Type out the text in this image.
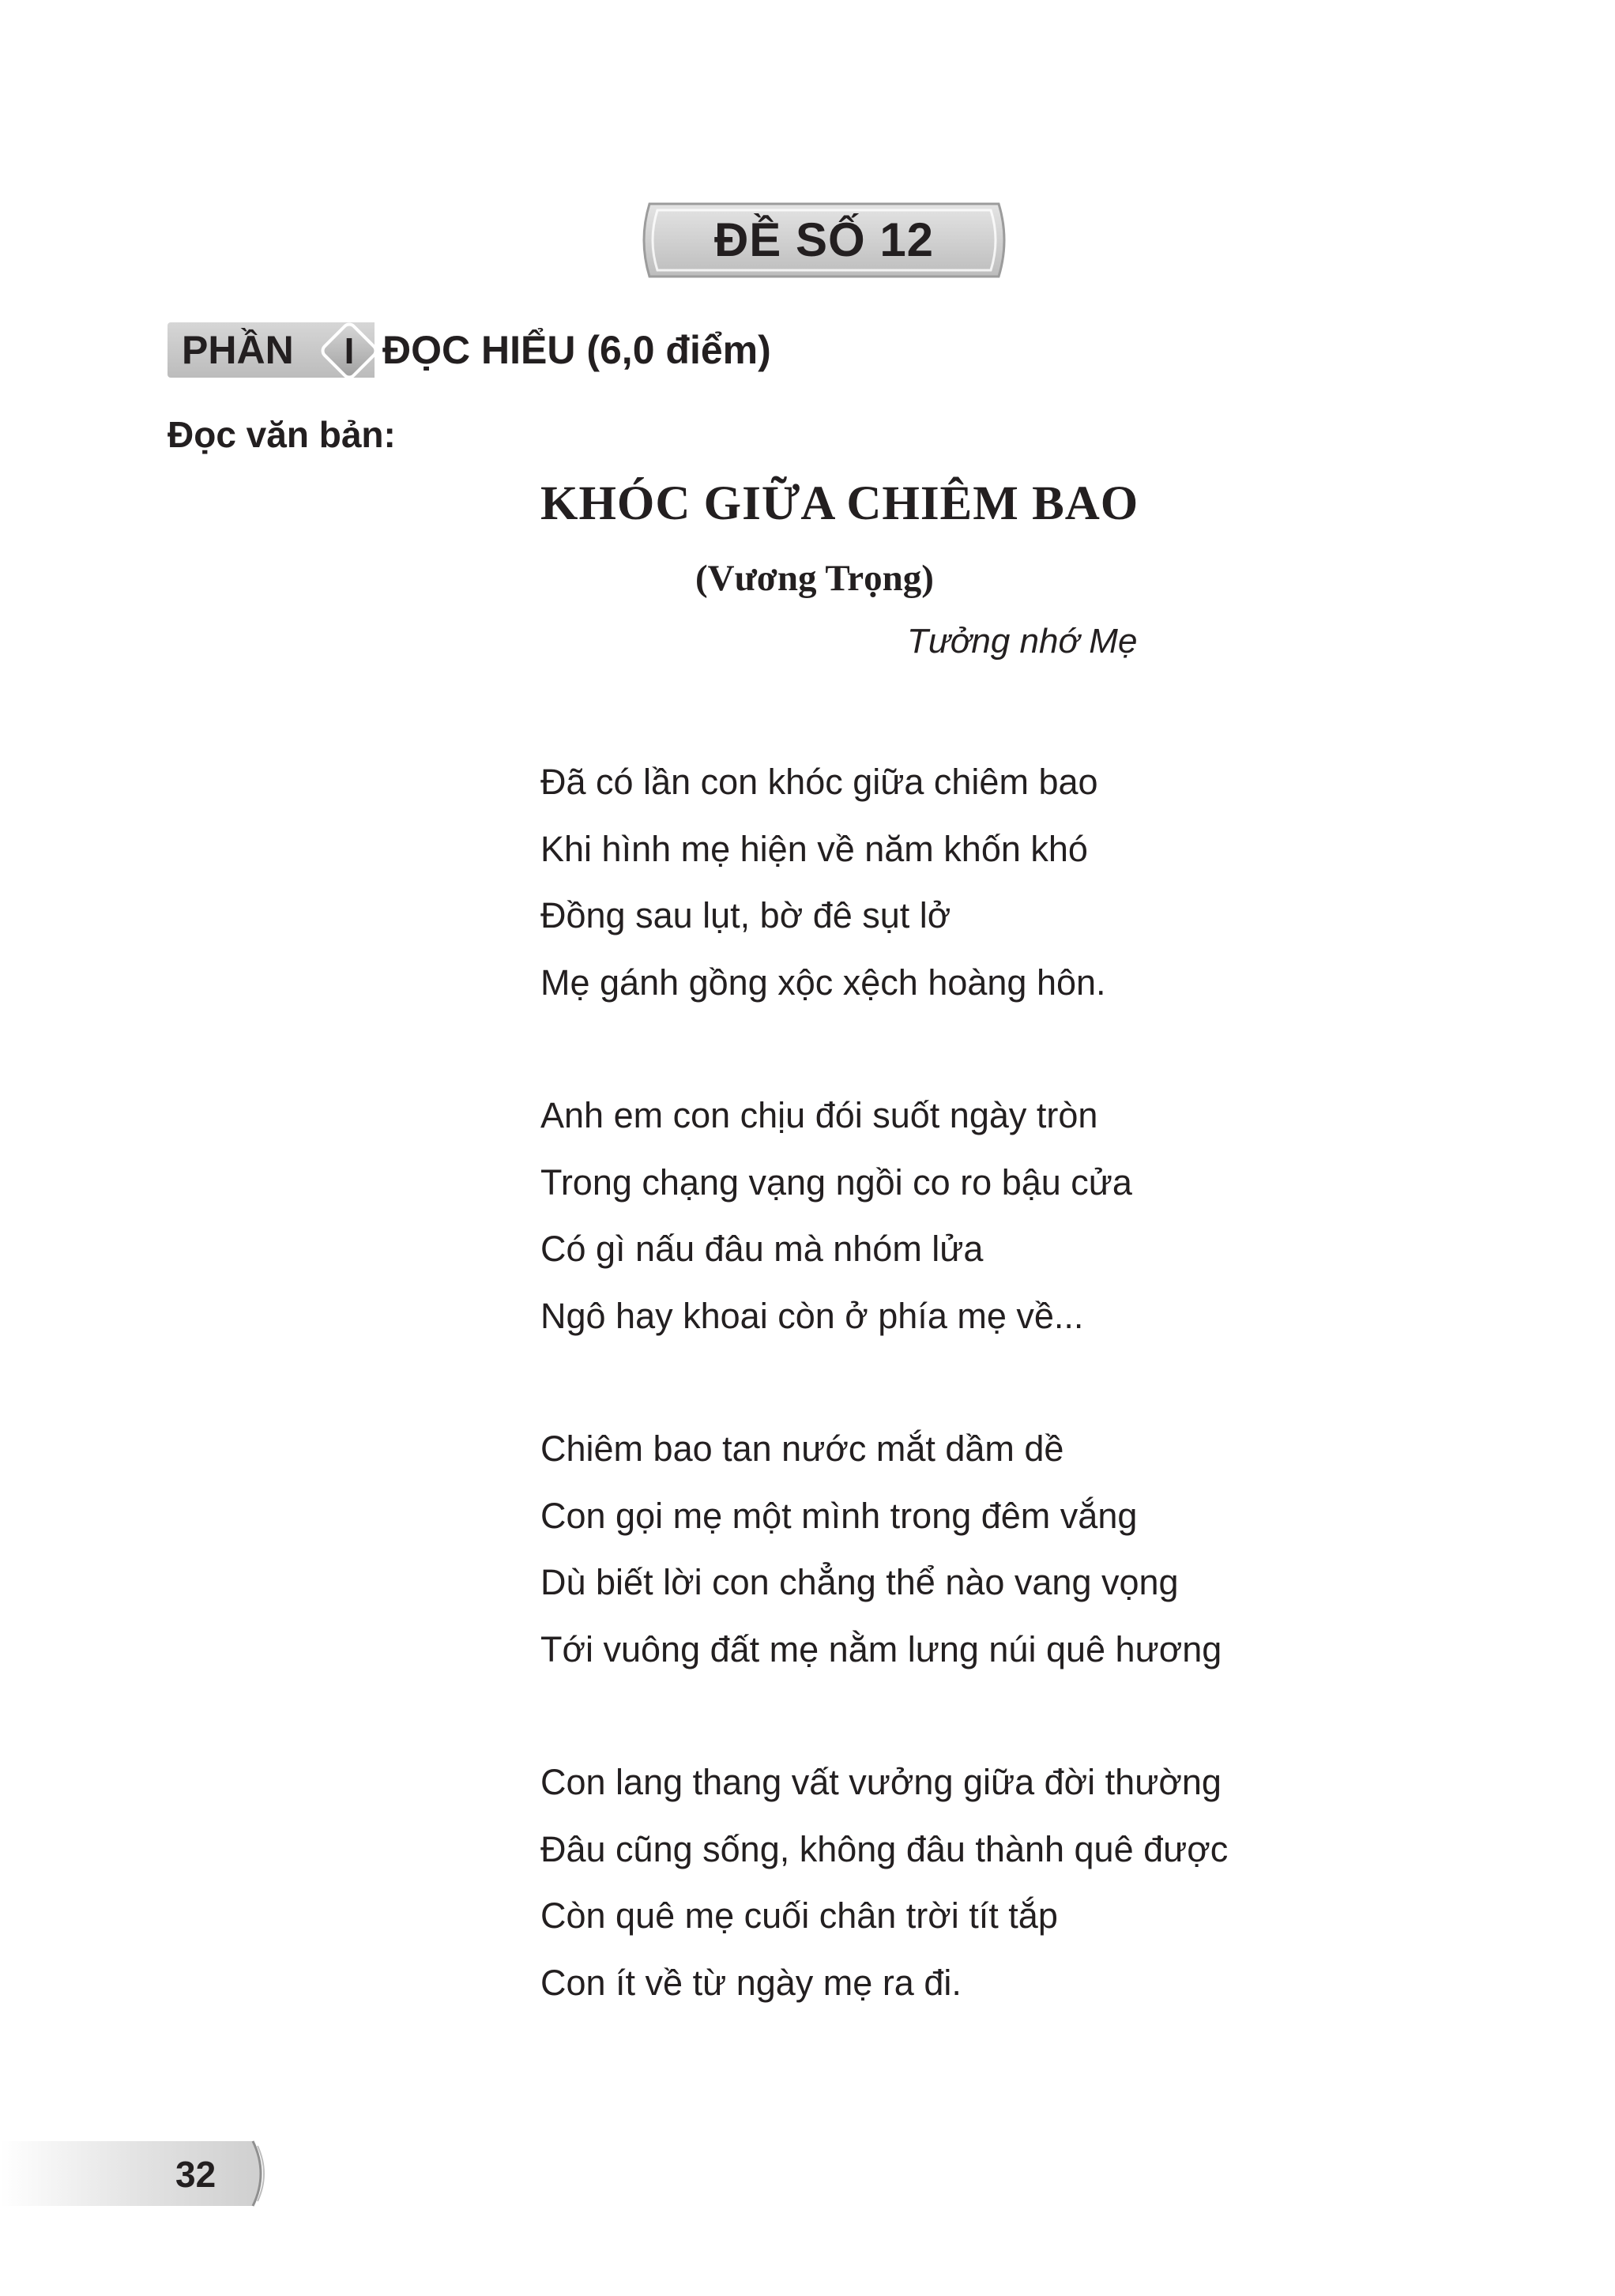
ĐỀ SỐ 12
PHẦN	I ĐỌC HIỂU (6,0 điểm)
Đọc văn bản:
KHÓC GIỮA CHIÊM BAO
(Vương Trọng)
Tưởng nhớ Mẹ
Đã có lần con khóc giữa chiêm bao
Khi hình mẹ hiện về năm khốn khó
Đồng sau lụt, bờ đê sụt lở
Mẹ gánh gồng xộc xệch hoàng hôn.
Anh em con chịu đói suốt ngày tròn
Trong chạng vạng ngồi co ro bậu cửa
Có gì nấu đâu mà nhóm lửa
Ngô hay khoai còn ở phía mẹ về...
Chiêm bao tan nước mắt dầm dề
Con gọi mẹ một mình trong đêm vắng
Dù biết lời con chẳng thể nào vang vọng
Tới vuông đất mẹ nằm lưng núi quê hương
Con lang thang vất vưởng giữa đời thường
Đâu cũng sống, không đâu thành quê được
Còn quê mẹ cuối chân trời tít tắp
Con ít về từ ngày mẹ ra đi.
32
